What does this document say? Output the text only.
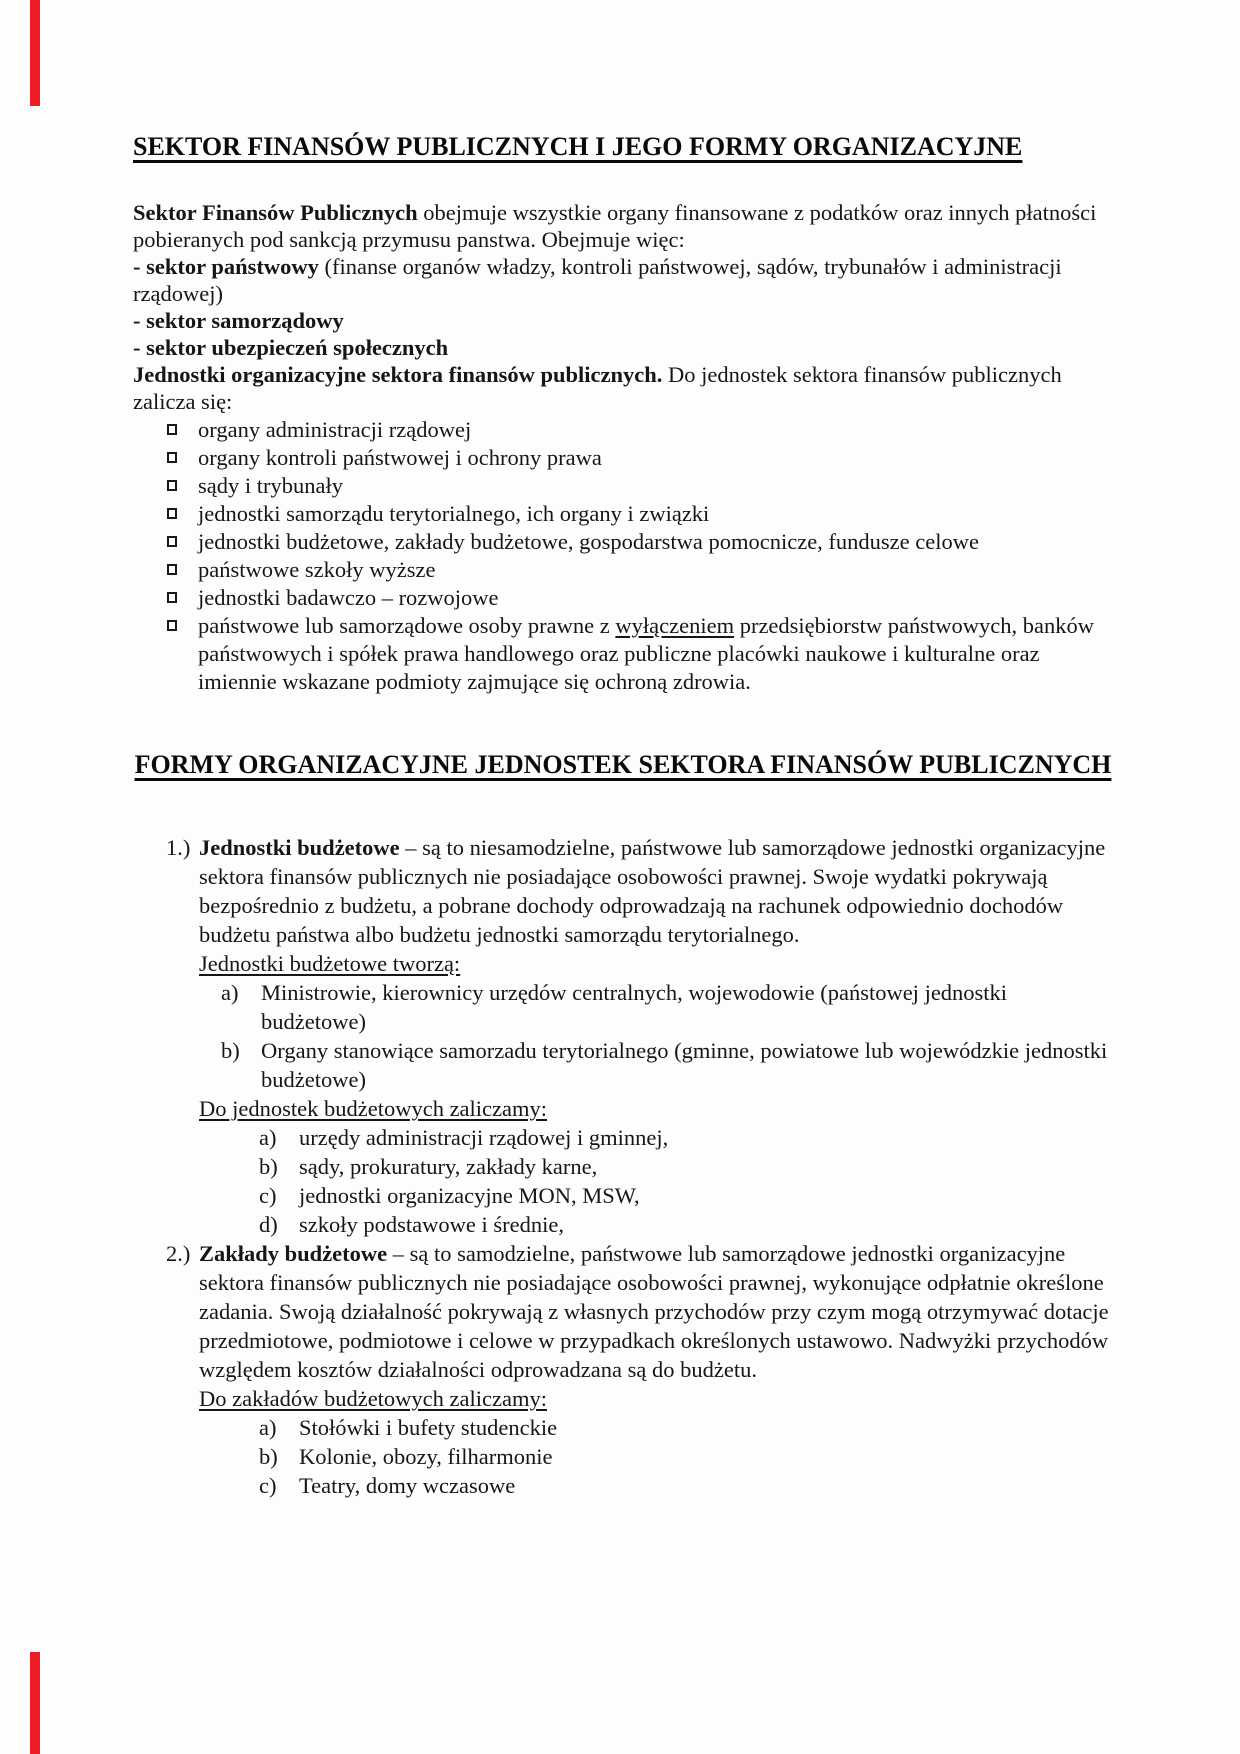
SEKTOR FINANSÓW PUBLICZNYCH I JEGO FORMY ORGANIZACYJNE

Sektor Finansów Publicznych obejmuje wszystkie organy finansowane z podatków oraz innych płatności pobieranych pod sankcją przymusu panstwa. Obejmuje więc:

- sektor państwowy (finanse organów władzy, kontroli państwowej, sądów, trybunałów i administracji rządowej)

- sektor samorządowy

- sektor ubezpieczeń społecznych

Jednostki organizacyjne sektora finansów publicznych. Do jednostek sektora finansów publicznych zalicza się:

organy administracji rządowej
organy kontroli państwowej i ochrony prawa
sądy i trybunały
jednostki samorządu terytorialnego, ich organy i związki
jednostki budżetowe, zakłady budżetowe, gospodarstwa pomocnicze, fundusze celowe
państwowe szkoły wyższe
jednostki badawczo – rozwojowe
państwowe lub samorządowe osoby prawne z wyłączeniem przedsiębiorstw państwowych, banków państwowych i spółek prawa handlowego oraz publiczne placówki naukowe i kulturalne oraz imiennie wskazane podmioty zajmujące się ochroną zdrowia.
FORMY ORGANIZACYJNE JEDNOSTEK SEKTORA FINANSÓW PUBLICZNYCH
1.) Jednostki budżetowe – są to niesamodzielne, państwowe lub samorządowe jednostki organizacyjne sektora finansów publicznych nie posiadające osobowości prawnej. Swoje wydatki pokrywają bezpośrednio z budżetu, a pobrane dochody odprowadzają na rachunek odpowiednio dochodów budżetu państwa albo budżetu jednostki samorządu terytorialnego.

Jednostki budżetowe tworzą:

a) Ministrowie, kierownicy urzędów centralnych, wojewodowie (państowej jednostki budżetowe)
b) Organy stanowiące samorzadu terytorialnego (gminne, powiatowe lub wojewódzkie jednostki budżetowe)

Do jednostek budżetowych zaliczamy:

a) urzędy administracji rządowej i gminnej,
b) sądy, prokuratury, zakłady karne,
c) jednostki organizacyjne MON, MSW,
d) szkoły podstawowe i średnie,
2.) Zakłady budżetowe – są to samodzielne, państwowe lub samorządowe jednostki organizacyjne sektora finansów publicznych nie posiadające osobowości prawnej, wykonujące odpłatnie określone zadania. Swoją działalność pokrywają z własnych przychodów przy czym mogą otrzymywać dotacje przedmiotowe, podmiotowe i celowe w przypadkach określonych ustawowo. Nadwyżki przychodów względem kosztów działalności odprowadzana są do budżetu.

Do zakładów budżetowych zaliczamy:

a) Stołówki i bufety studenckie
b) Kolonie, obozy, filharmonie
c) Teatry, domy wczasowe
